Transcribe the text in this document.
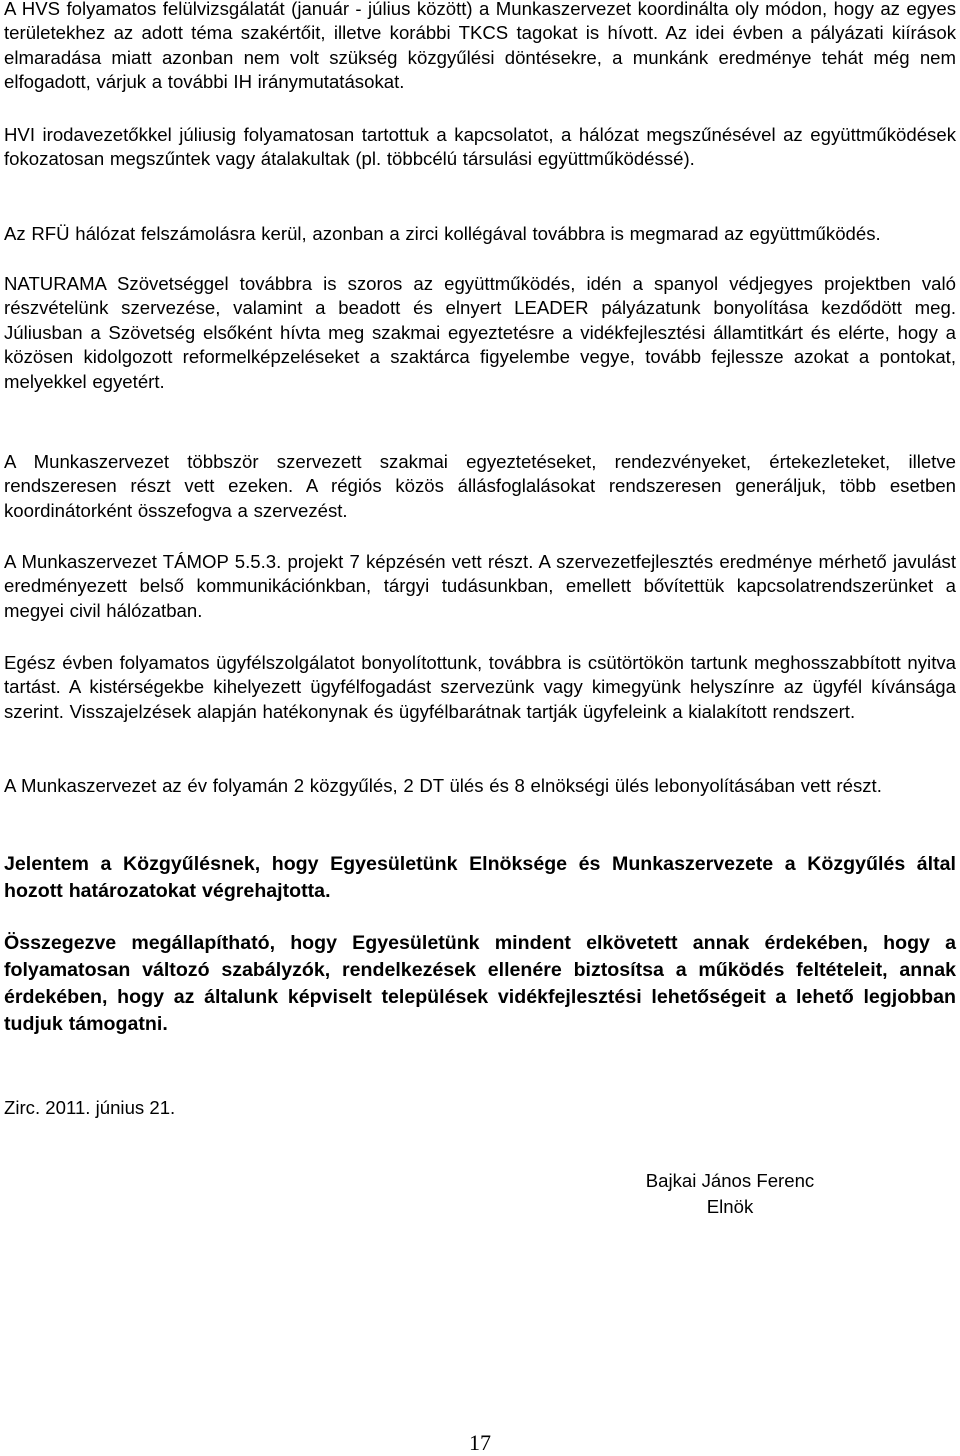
A HVS folyamatos felülvizsgálatát (január - július között) a Munkaszervezet koordinálta oly módon, hogy az egyes területekhez az adott téma szakértőit, illetve korábbi TKCS tagokat is hívott. Az idei évben a pályázati kiírások elmaradása miatt azonban nem volt szükség közgyűlési döntésekre, a munkánk eredménye tehát még nem elfogadott, várjuk a további IH iránymutatásokat.

HVI irodavezetőkkel júliusig folyamatosan tartottuk a kapcsolatot, a hálózat megszűnésével az együttműködések fokozatosan megszűntek vagy átalakultak (pl. többcélú társulási együttműködéssé).

Az RFÜ hálózat felszámolásra kerül, azonban a zirci kollégával továbbra is megmarad az együttműködés.

NATURAMA Szövetséggel továbbra is szoros az együttműködés, idén a spanyol védjegyes projektben való részvételünk szervezése, valamint a beadott és elnyert LEADER pályázatunk bonyolítása kezdődött meg. Júliusban a Szövetség elsőként hívta meg szakmai egyeztetésre a vidékfejlesztési államtitkárt és elérte, hogy a közösen kidolgozott reformelképzeléseket a szaktárca figyelembe vegye, tovább fejlessze azokat a pontokat, melyekkel egyetért.

A Munkaszervezet többször szervezett szakmai egyeztetéseket, rendezvényeket, értekezleteket, illetve rendszeresen részt vett ezeken. A régiós közös állásfoglalásokat rendszeresen generáljuk, több esetben koordinátorként összefogva a szervezést.

A Munkaszervezet TÁMOP 5.5.3. projekt 7 képzésén vett részt. A szervezetfejlesztés eredménye mérhető javulást eredményezett belső kommunikációnkban, tárgyi tudásunkban, emellett bővítettük kapcsolatrendszerünket a megyei civil hálózatban.

Egész évben folyamatos ügyfélszolgálatot bonyolítottunk, továbbra is csütörtökön tartunk meghosszabbított nyitva tartást. A kistérségekbe kihelyezett ügyfélfogadást szervezünk vagy kimegyünk helyszínre az ügyfél kívánsága szerint. Visszajelzések alapján hatékonynak és ügyfélbarátnak tartják ügyfeleink a kialakított rendszert.

A Munkaszervezet az év folyamán 2 közgyűlés, 2 DT ülés és 8 elnökségi ülés lebonyolításában vett részt.

Jelentem a Közgyűlésnek, hogy Egyesületünk Elnöksége és Munkaszervezete a Közgyűlés által hozott határozatokat végrehajtotta.

Összegezve megállapítható, hogy Egyesületünk mindent elkövetett annak érdekében, hogy a folyamatosan változó szabályzók, rendelkezések ellenére biztosítsa a működés feltételeit, annak érdekében, hogy az általunk képviselt települések vidékfejlesztési lehetőségeit a lehető legjobban tudjuk támogatni.

Zirc. 2011. június 21.
Bajkai János Ferenc
Elnök
17
